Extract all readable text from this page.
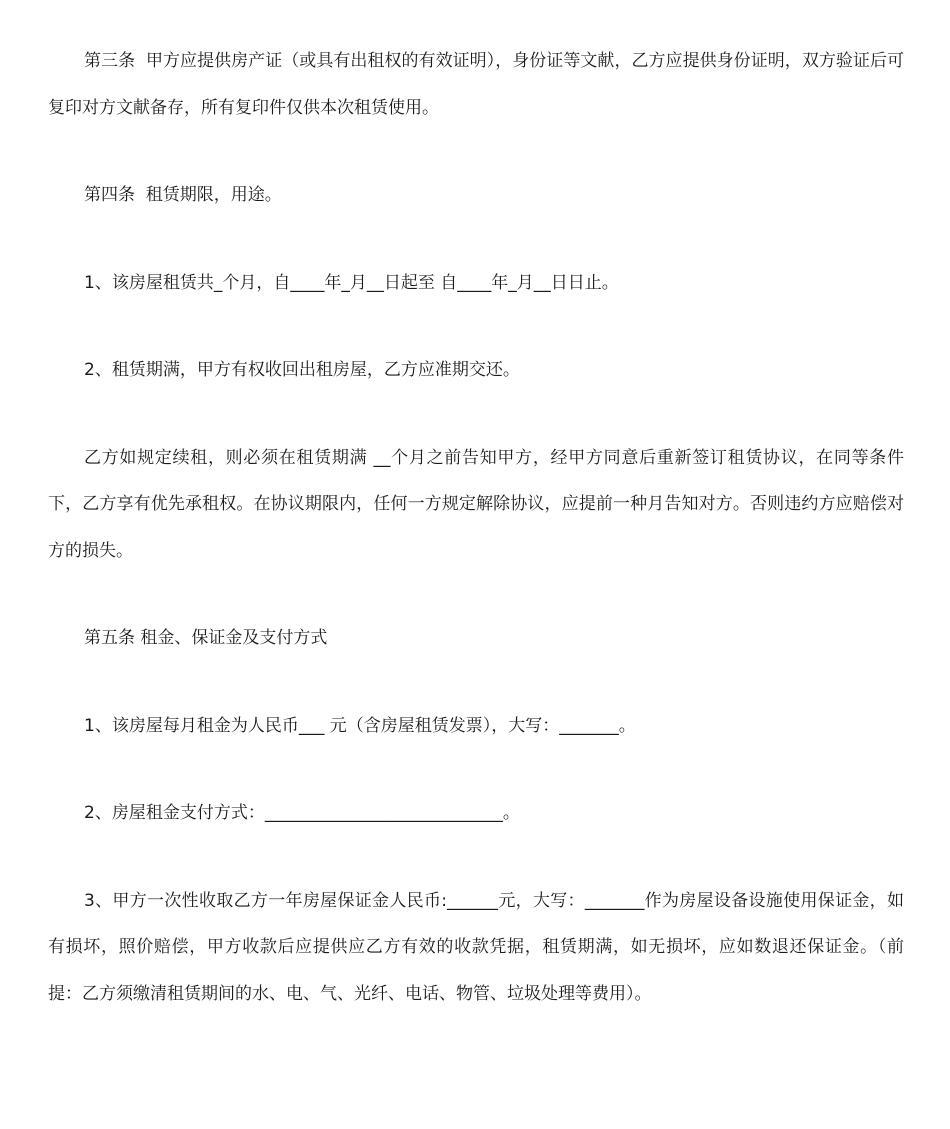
第三条  甲方应提供房产证（或具有出租权的有效证明），身份证等文献，乙方应提供身份证明，双方验证后可复印对方文献备存，所有复印件仅供本次租赁使用。

第四条  租赁期限，用途。

1、该房屋租赁共_个月，自____年_月__日起至 自____年_月__日日止。

2、租赁期满，甲方有权收回出租房屋，乙方应准期交还。

乙方如规定续租，则必须在租赁期满 __个月之前告知甲方，经甲方同意后重新签订租赁协议，在同等条件下，乙方享有优先承租权。在协议期限内，任何一方规定解除协议，应提前一种月告知对方。否则违约方应赔偿对方的损失。

第五条 租金、保证金及支付方式

1、该房屋每月租金为人民币___ 元（含房屋租赁发票），大写：_______。

2、房屋租金支付方式：____________________________。

3、甲方一次性收取乙方一年房屋保证金人民币:______元，大写：_______作为房屋设备设施使用保证金，如有损坏，照价赔偿，甲方收款后应提供应乙方有效的收款凭据，租赁期满，如无损坏，应如数退还保证金。（前提：乙方须缴清租赁期间的水、电、气、光纤、电话、物管、垃圾处理等费用）。
